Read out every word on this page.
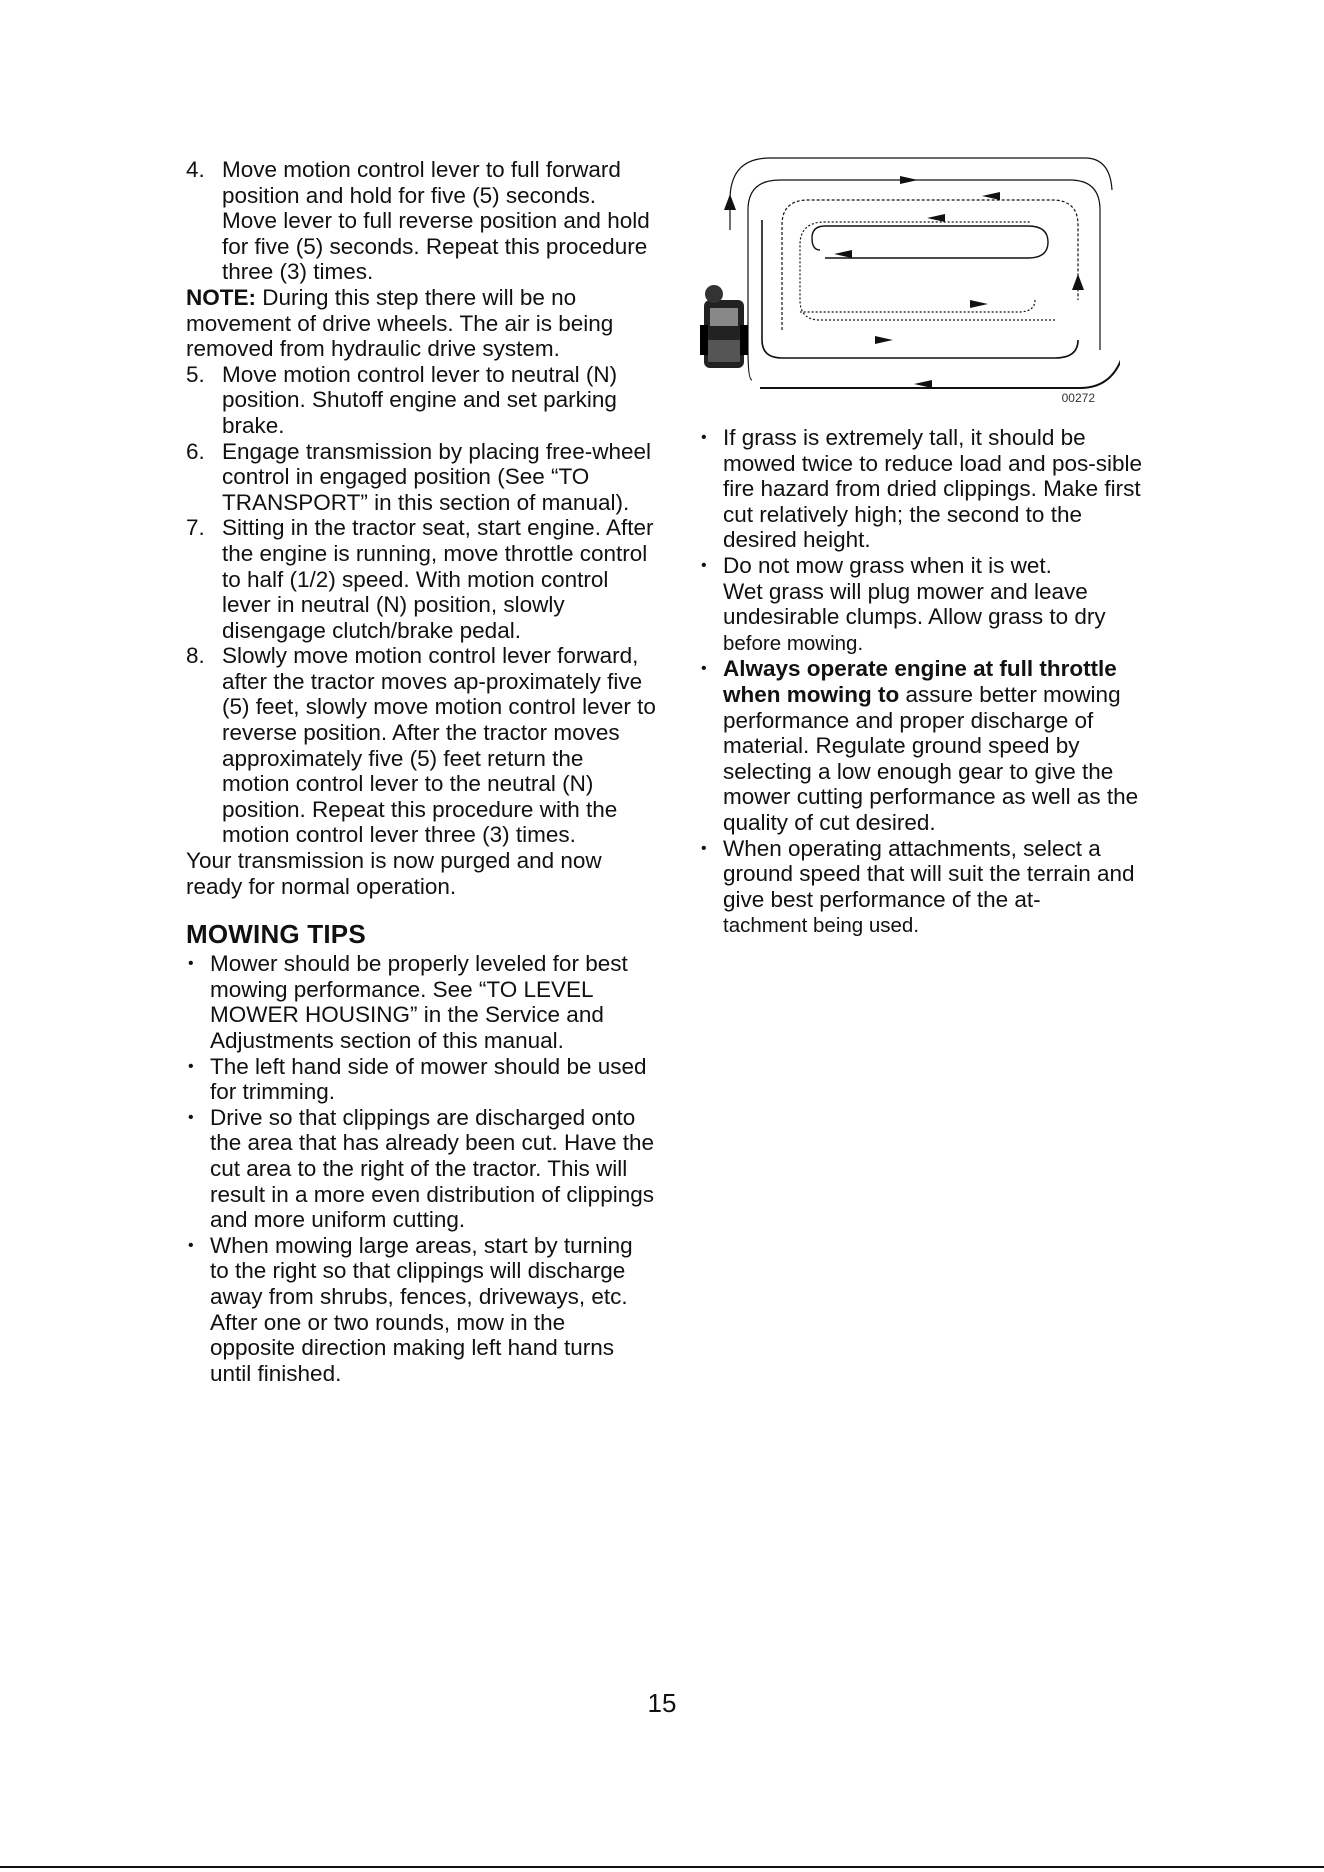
4. Move motion control lever to full forward position and hold for five (5) seconds. Move lever to full reverse position and hold for five (5) seconds. Repeat this procedure three (3) times.

NOTE: During this step there will be no movement of drive wheels. The air is being removed from hydraulic drive system.

5. Move motion control lever to neutral (N) position. Shutoff engine and set parking brake.
6. Engage transmission by placing free-wheel control in engaged position (See “TO TRANSPORT” in this section of manual).
7. Sitting in the tractor seat, start engine. After the engine is running, move throttle control to half (1/2) speed. With motion control lever in neutral (N) position, slowly disengage clutch/brake pedal.
8. Slowly move motion control lever forward, after the tractor moves ap-proximately five (5) feet, slowly move motion control lever to reverse position. After the tractor moves approximately five (5) feet return the motion control lever to the neutral (N) position. Repeat this procedure with the motion control lever three (3) times.

Your transmission is now purged and now ready for normal operation.

MOWING TIPS
• Mower should be properly leveled for best mowing performance. See “TO LEVEL MOWER HOUSING” in the Service and Adjustments section of this manual.
• The left hand side of mower should be used for trimming.
• Drive so that clippings are discharged onto the area that has already been cut. Have the cut area to the right of the tractor. This will result in a more even distribution of clippings and more uniform cutting.
• When mowing large areas, start by turning to the right so that clippings will discharge away from shrubs, fences, driveways, etc. After one or two rounds, mow in the opposite direction making left hand turns until finished.
00272
• If grass is extremely tall, it should be mowed twice to reduce load and pos-sible fire hazard from dried clippings. Make first cut relatively high; the second to the desired height.
• Do not mow grass when it is wet.
Wet grass will plug mower and leave undesirable clumps. Allow grass to dry
before mowing.
• Always operate engine at full throttle when mowing to assure better mowing performance and proper discharge of material. Regulate ground speed by selecting a low enough gear to give the mower cutting performance as well as the quality of cut desired.
• When operating attachments, select a ground speed that will suit the terrain and give best performance of the at-
tachment being used.
15
